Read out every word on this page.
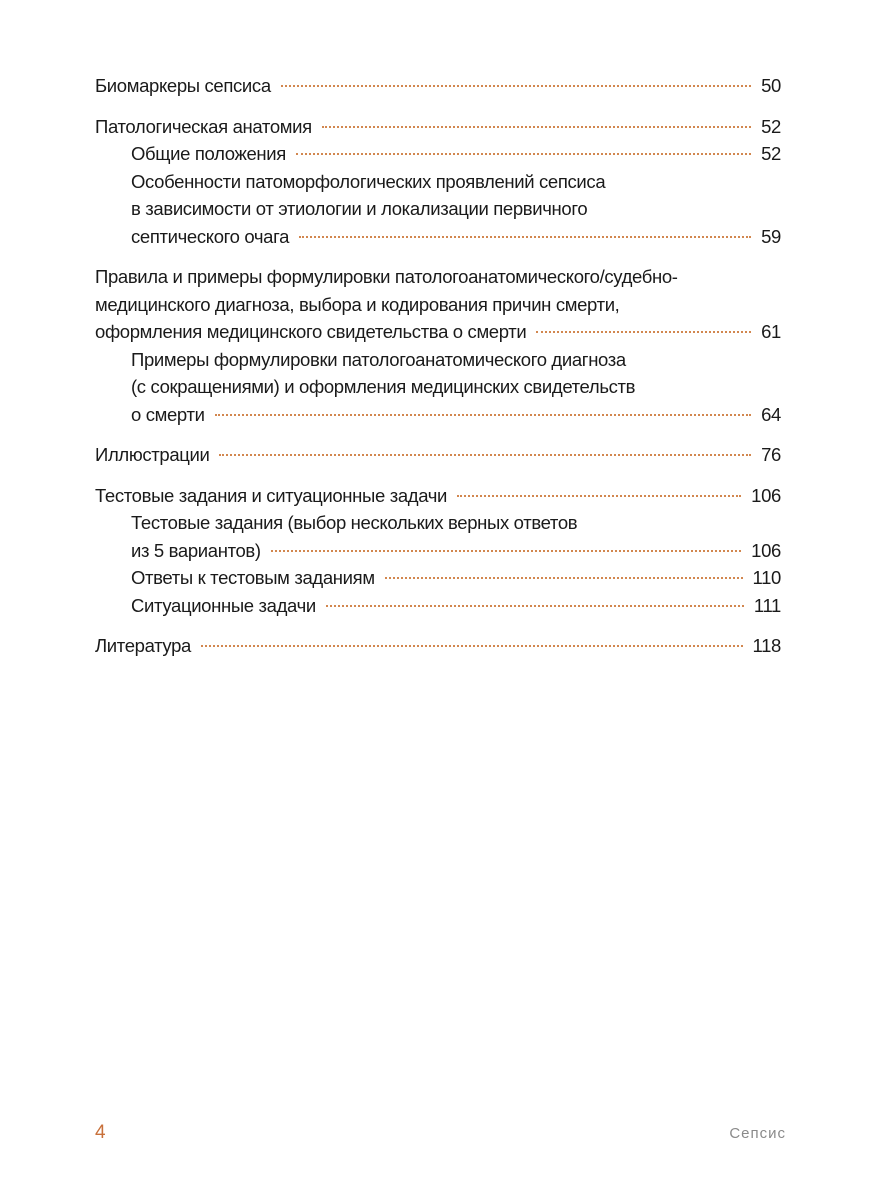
Биомаркеры сепсиса	50
Патологическая анатомия	52
Общие положения	52
Особенности патоморфологических проявлений сепсиса
в зависимости от этиологии и локализации первичного
септического очага	59
Правила и примеры формулировки патологоанатомического/судебно-
медицинского диагноза, выбора и кодирования причин смерти,
оформления медицинского свидетельства о смерти	61
Примеры формулировки патологоанатомического диагноза
(с сокращениями) и оформления медицинских свидетельств
о смерти	64
Иллюстрации	76
Тестовые задания и ситуационные задачи	106
Тестовые задания (выбор нескольких верных ответов
из 5 вариантов)	106
Ответы к тестовым заданиям	110
Ситуационные задачи	111
Литература	118
4	Сепсис
